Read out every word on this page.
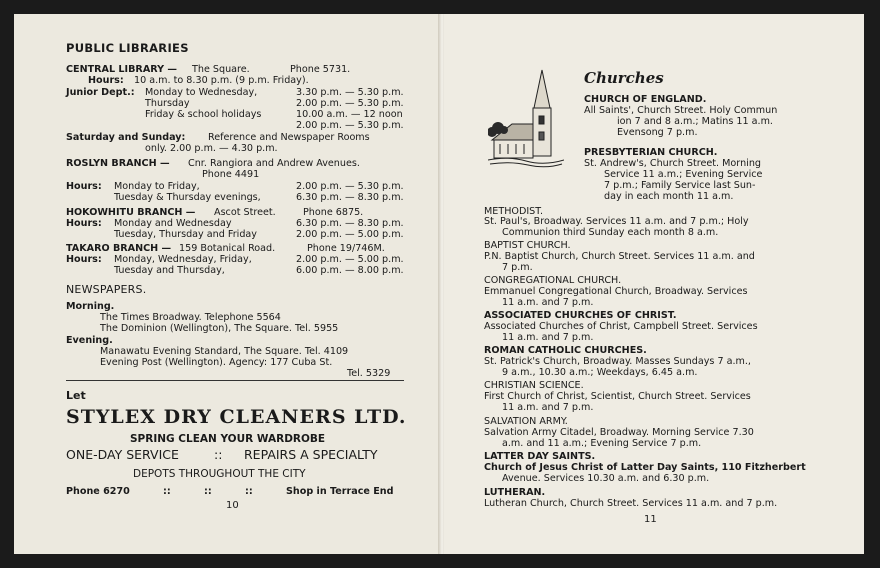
PUBLIC LIBRARIES
CENTRAL LIBRARY — The Square.	Phone 5731.
Hours: 10 a.m. to 8.30 p.m. (9 p.m. Friday).
Junior Dept.: Monday to Wednesday,	3.30 p.m. — 5.30 p.m.
Thursday	2.00 p.m. — 5.30 p.m.
Friday & school holidays	10.00 a.m. — 12 noon
2.00 p.m. — 5.30 p.m.
Saturday and Sunday: Reference and Newspaper Rooms
only. 2.00 p.m. — 4.30 p.m.
ROSLYN BRANCH — Cnr. Rangiora and Andrew Avenues.
Phone 4491
Hours: Monday to Friday,	2.00 p.m. — 5.30 p.m.
Tuesday & Thursday evenings,	6.30 p.m. — 8.30 p.m.
HOKOWHITU BRANCH — Ascot Street.	Phone 6875.
Hours: Monday and Wednesday	6.30 p.m. — 8.30 p.m.
Tuesday, Thursday and Friday	2.00 p.m. — 5.00 p.m.
TAKARO BRANCH — 159 Botanical Road.	Phone 19/746M.
Hours: Monday, Wednesday, Friday,	2.00 p.m. — 5.00 p.m.
Tuesday and Thursday,	6.00 p.m. — 8.00 p.m.
NEWSPAPERS.
Morning.
The Times Broadway. Telephone 5564
The Dominion (Wellington), The Square. Tel. 5955
Evening.
Manawatu Evening Standard, The Square. Tel. 4109
Evening Post (Wellington). Agency: 177 Cuba St.
Tel. 5329
Let
STYLEX DRY CLEANERS LTD.
SPRING CLEAN YOUR WARDROBE
ONE-DAY SERVICE	:: REPAIRS A SPECIALTY
DEPOTS THROUGHOUT THE CITY
Phone 6270	::	::	::	Shop in Terrace End
10
Churches
CHURCH OF ENGLAND.
All Saints', Church Street. Holy Commun
ion 7 and 8 a.m.; Matins 11 a.m.
Evensong 7 p.m.
PRESBYTERIAN CHURCH.
St. Andrew's, Church Street. Morning
Service 11 a.m.; Evening Service
7 p.m.; Family Service last Sun-
day in each month 11 a.m.
METHODIST.
St. Paul's, Broadway. Services 11 a.m. and 7 p.m.; Holy
Communion third Sunday each month 8 a.m.
BAPTIST CHURCH.
P.N. Baptist Church, Church Street. Services 11 a.m. and
7 p.m.
CONGREGATIONAL CHURCH.
Emmanuel Congregational Church, Broadway. Services
11 a.m. and 7 p.m.
ASSOCIATED CHURCHES OF CHRIST.
Associated Churches of Christ, Campbell Street. Services
11 a.m. and 7 p.m.
ROMAN CATHOLIC CHURCHES.
St. Patrick's Church, Broadway. Masses Sundays 7 a.m.,
9 a.m., 10.30 a.m.; Weekdays, 6.45 a.m.
CHRISTIAN SCIENCE.
First Church of Christ, Scientist, Church Street. Services
11 a.m. and 7 p.m.
SALVATION ARMY.
Salvation Army Citadel, Broadway. Morning Service 7.30
a.m. and 11 a.m.; Evening Service 7 p.m.
LATTER DAY SAINTS.
Church of Jesus Christ of Latter Day Saints, 110 Fitzherbert
Avenue. Services 10.30 a.m. and 6.30 p.m.
LUTHERAN.
Lutheran Church, Church Street. Services 11 a.m. and 7 p.m.
11
